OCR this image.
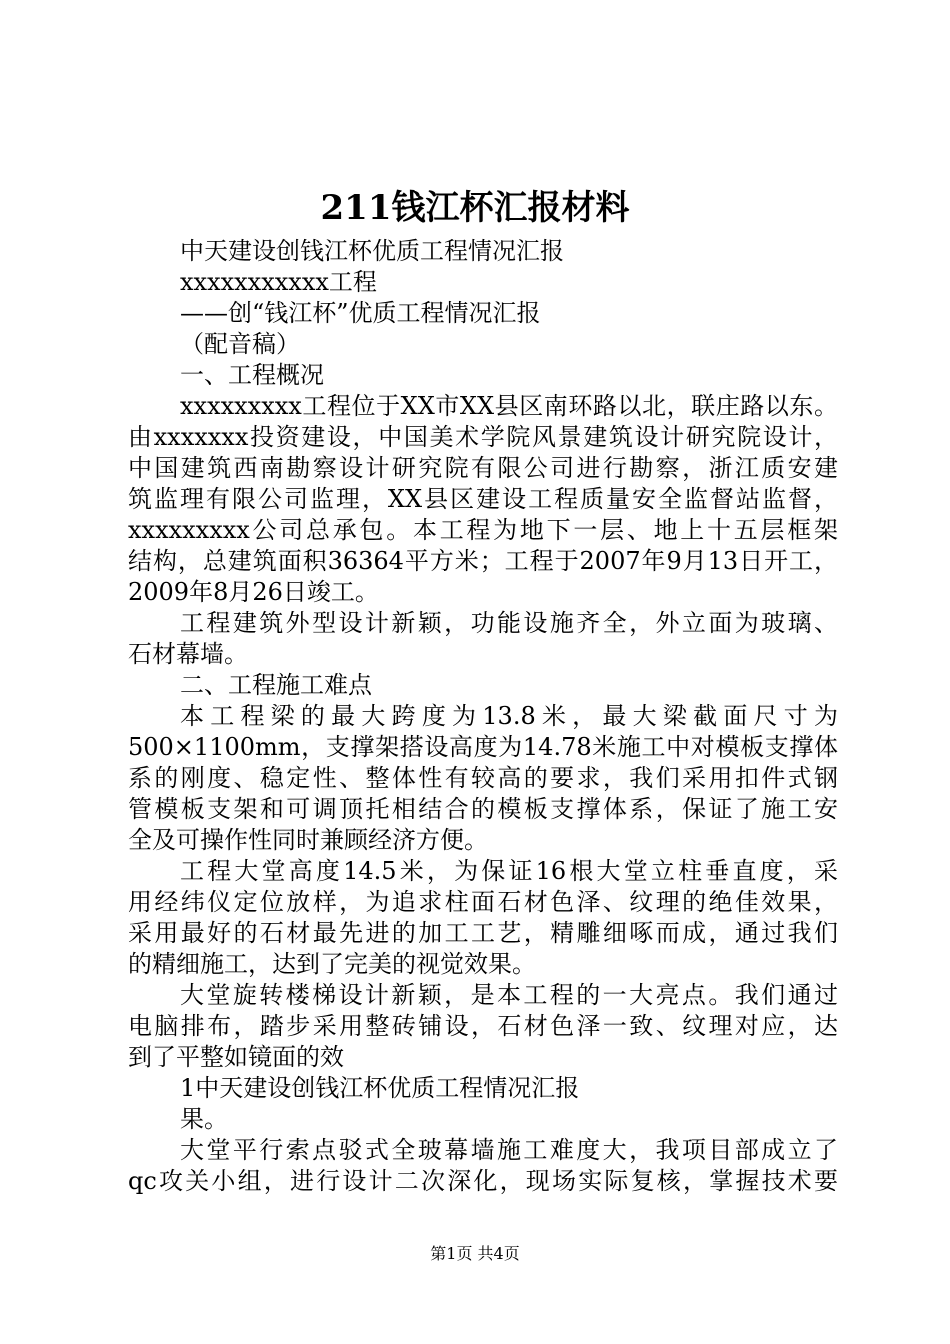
211钱江杯汇报材料
中天建设创钱江杯优质工程情况汇报
xxxxxxxxxxx工程
——创“钱江杯”优质工程情况汇报
（配音稿）
一、工程概况
xxxxxxxxx工程位于XX市XX县区南环路以北，联庄路以东。
由xxxxxxx投资建设，中国美术学院风景建筑设计研究院设计，
中国建筑西南勘察设计研究院有限公司进行勘察，浙江质安建
筑监理有限公司监理，XX县区建设工程质量安全监督站监督，
xxxxxxxxx公司总承包。本工程为地下一层、地上十五层框架
结构，总建筑面积36364平方米；工程于2007年9月13日开工，
2009年8月26日竣工。
工程建筑外型设计新颖，功能设施齐全，外立面为玻璃、
石材幕墙。
二、工程施工难点
本工程梁的最大跨度为13.8米，最大梁截面尺寸为
500×1100mm，支撑架搭设高度为14.78米施工中对模板支撑体
系的刚度、稳定性、整体性有较高的要求，我们采用扣件式钢
管模板支架和可调顶托相结合的模板支撑体系，保证了施工安
全及可操作性同时兼顾经济方便。
工程大堂高度14.5米，为保证16根大堂立柱垂直度，采
用经纬仪定位放样，为追求柱面石材色泽、纹理的绝佳效果，
采用最好的石材最先进的加工工艺，精雕细啄而成，通过我们
的精细施工，达到了完美的视觉效果。
大堂旋转楼梯设计新颖，是本工程的一大亮点。我们通过
电脑排布，踏步采用整砖铺设，石材色泽一致、纹理对应，达
到了平整如镜面的效
1中天建设创钱江杯优质工程情况汇报
果。
大堂平行索点驳式全玻幕墙施工难度大，我项目部成立了
qc攻关小组，进行设计二次深化，现场实际复核，掌握技术要
第1页 共4页
